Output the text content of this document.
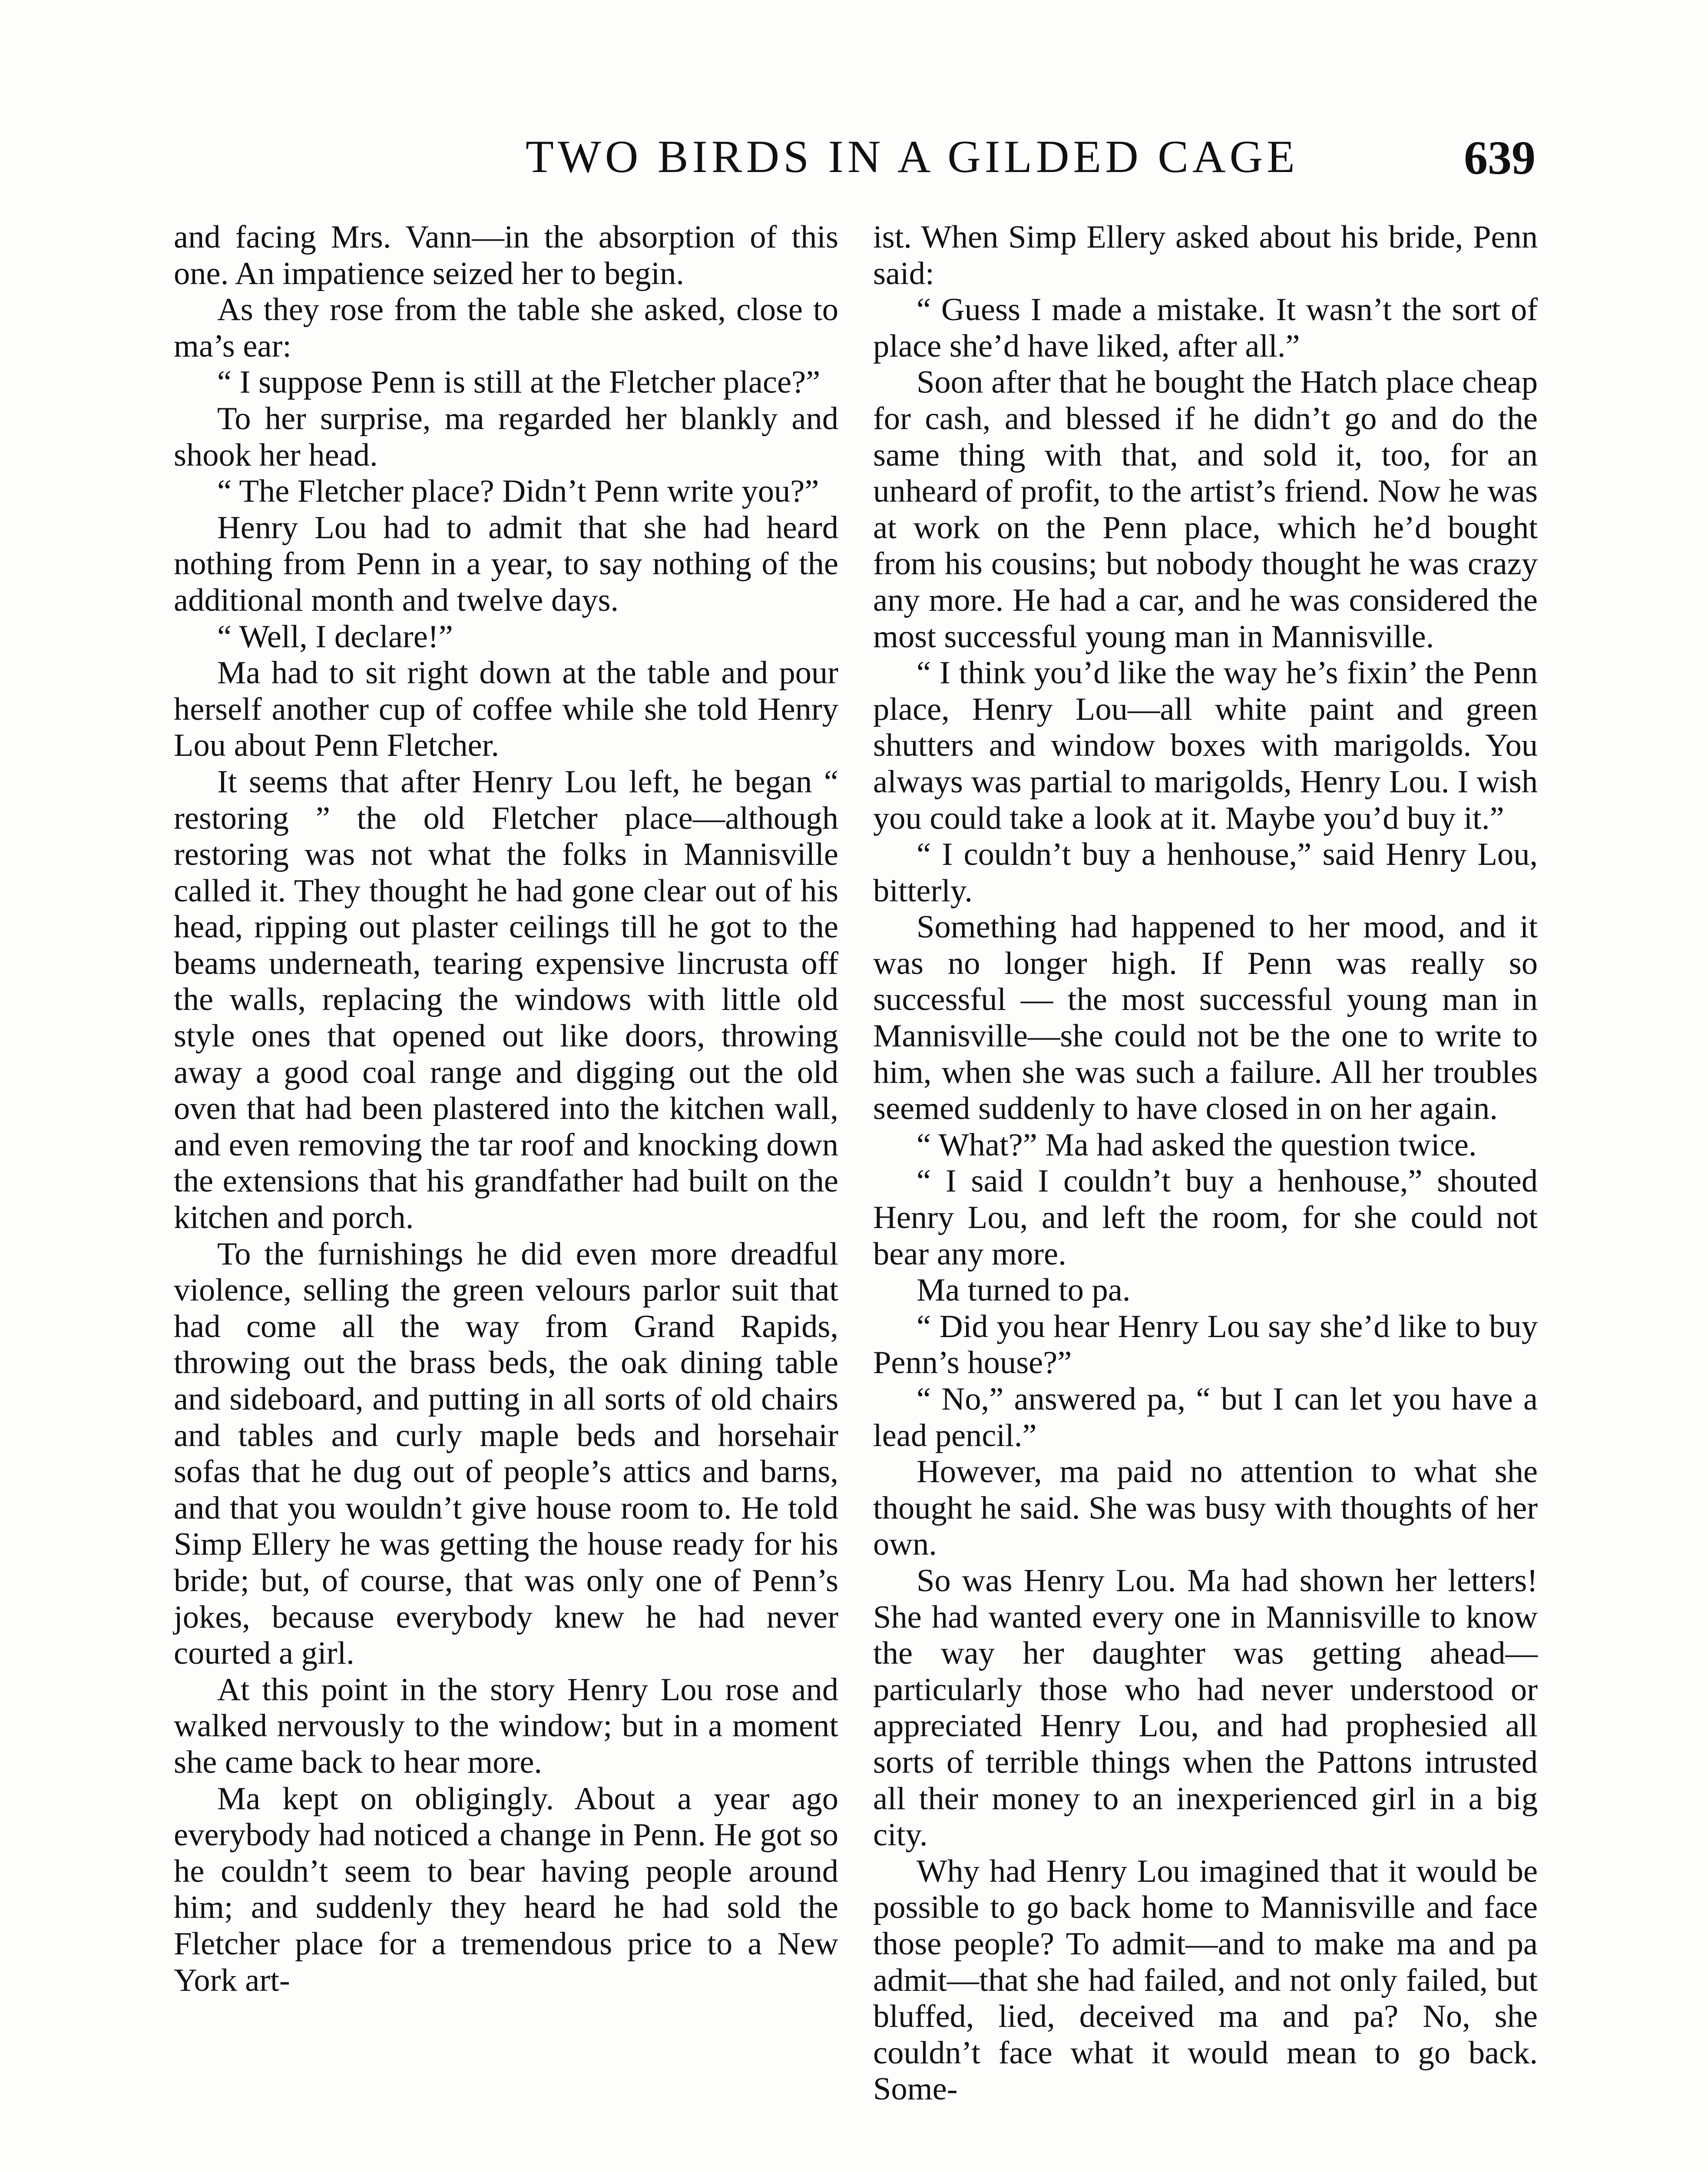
TWO BIRDS IN A GILDED CAGE	639

and facing Mrs. Vann—in the absorption of this one. An impatience seized her to begin.

As they rose from the table she asked, close to ma’s ear:

“ I suppose Penn is still at the Fletcher place?”

To her surprise, ma regarded her blankly and shook her head.

“ The Fletcher place? Didn’t Penn write you?”

Henry Lou had to admit that she had heard nothing from Penn in a year, to say nothing of the additional month and twelve days.

“ Well, I declare!”

Ma had to sit right down at the table and pour herself another cup of coffee while she told Henry Lou about Penn Fletcher.

It seems that after Henry Lou left, he began “ restoring ” the old Fletcher place—although restoring was not what the folks in Mannisville called it. They thought he had gone clear out of his head, ripping out plaster ceilings till he got to the beams underneath, tearing expensive lincrusta off the walls, replacing the windows with little old style ones that opened out like doors, throwing away a good coal range and digging out the old oven that had been plastered into the kitchen wall, and even removing the tar roof and knocking down the extensions that his grandfather had built on the kitchen and porch.

To the furnishings he did even more dreadful violence, selling the green velours parlor suit that had come all the way from Grand Rapids, throwing out the brass beds, the oak dining table and sideboard, and putting in all sorts of old chairs and tables and curly maple beds and horsehair sofas that he dug out of people’s attics and barns, and that you wouldn’t give house room to. He told Simp Ellery he was getting the house ready for his bride; but, of course, that was only one of Penn’s jokes, because everybody knew he had never courted a girl.

At this point in the story Henry Lou rose and walked nervously to the window; but in a moment she came back to hear more.

Ma kept on obligingly. About a year ago everybody had noticed a change in Penn. He got so he couldn’t seem to bear having people around him; and suddenly they heard he had sold the Fletcher place for a tremendous price to a New York art-

ist. When Simp Ellery asked about his bride, Penn said:

“ Guess I made a mistake. It wasn’t the sort of place she’d have liked, after all.”

Soon after that he bought the Hatch place cheap for cash, and blessed if he didn’t go and do the same thing with that, and sold it, too, for an unheard of profit, to the artist’s friend. Now he was at work on the Penn place, which he’d bought from his cousins; but nobody thought he was crazy any more. He had a car, and he was considered the most successful young man in Mannisville.

“ I think you’d like the way he’s fixin’ the Penn place, Henry Lou—all white paint and green shutters and window boxes with marigolds. You always was partial to marigolds, Henry Lou. I wish you could take a look at it. Maybe you’d buy it.”

“ I couldn’t buy a henhouse,” said Henry Lou, bitterly.

Something had happened to her mood, and it was no longer high. If Penn was really so successful — the most successful young man in Mannisville—she could not be the one to write to him, when she was such a failure. All her troubles seemed suddenly to have closed in on her again.

“ What?” Ma had asked the question twice.

“ I said I couldn’t buy a henhouse,” shouted Henry Lou, and left the room, for she could not bear any more.

Ma turned to pa.

“ Did you hear Henry Lou say she’d like to buy Penn’s house?”

“ No,” answered pa, “ but I can let you have a lead pencil.”

However, ma paid no attention to what she thought he said. She was busy with thoughts of her own.

So was Henry Lou. Ma had shown her letters! She had wanted every one in Mannisville to know the way her daughter was getting ahead—particularly those who had never understood or appreciated Henry Lou, and had prophesied all sorts of terrible things when the Pattons intrusted all their money to an inexperienced girl in a big city.

Why had Henry Lou imagined that it would be possible to go back home to Mannisville and face those people? To admit—and to make ma and pa admit—that she had failed, and not only failed, but bluffed, lied, deceived ma and pa? No, she couldn’t face what it would mean to go back. Some-
